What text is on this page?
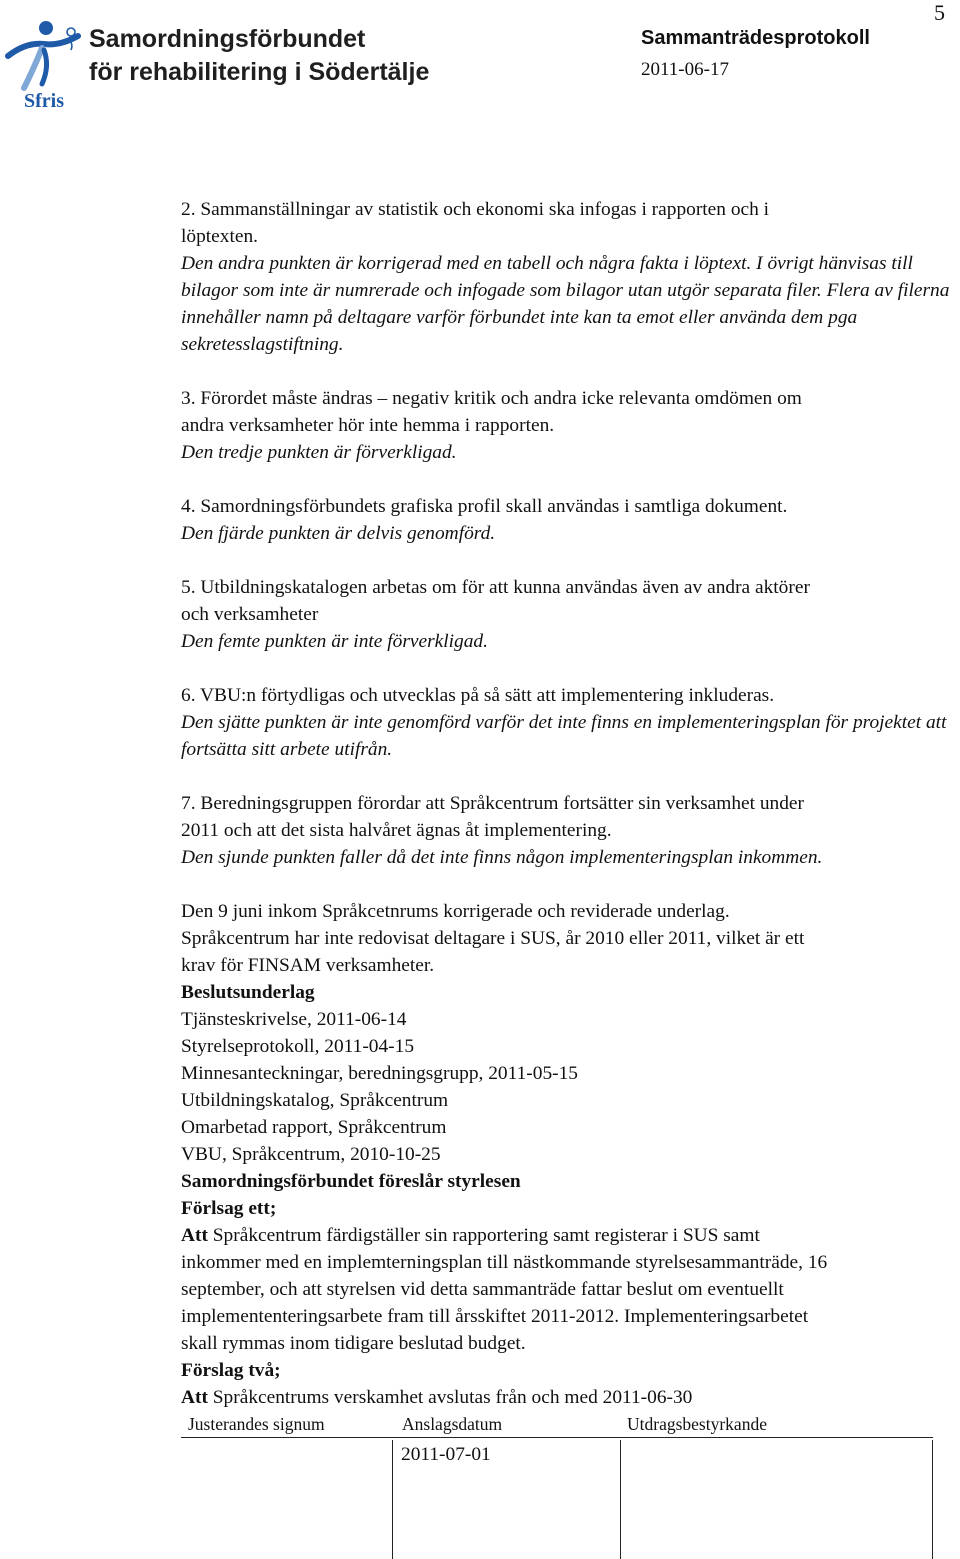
5
Sfris
Samordningsförbundet
för rehabilitering i Södertälje
Sammanträdesprotokoll
2011-06-17

2. Sammanställningar av statistik och ekonomi ska infogas i rapporten och i

löptexten.

Den andra punkten är korrigerad med en tabell och några fakta i löptext. I övrigt hänvisas till

bilagor som inte är numrerade och infogade som bilagor utan utgör separata filer. Flera av filerna

innehåller namn på deltagare varför förbundet inte kan ta emot eller använda dem pga

sekretesslagstiftning.

3. Förordet måste ändras – negativ kritik och andra icke relevanta omdömen om

andra verksamheter hör inte hemma i rapporten.

Den tredje punkten är förverkligad.

4. Samordningsförbundets grafiska profil skall användas i samtliga dokument.

Den fjärde punkten är delvis genomförd.

5. Utbildningskatalogen arbetas om för att kunna användas även av andra aktörer

och verksamheter

Den femte punkten är inte förverkligad.

6. VBU:n förtydligas och utvecklas på så sätt att implementering inkluderas.

Den sjätte punkten är inte genomförd varför det inte finns en implementeringsplan för projektet att

fortsätta sitt arbete utifrån.

7. Beredningsgruppen förordar att Språkcentrum fortsätter sin verksamhet under

2011 och att det sista halvåret ägnas åt implementering.

Den sjunde punkten faller då det inte finns någon implementeringsplan inkommen.

Den 9 juni inkom Språkcetnrums korrigerade och reviderade underlag.

Språkcentrum har inte redovisat deltagare i SUS, år 2010 eller 2011, vilket är ett

krav för FINSAM verksamheter.

Beslutsunderlag

Tjänsteskrivelse, 2011-06-14

Styrelseprotokoll, 2011-04-15

Minnesanteckningar, beredningsgrupp, 2011-05-15

Utbildningskatalog, Språkcentrum

Omarbetad rapport, Språkcentrum

VBU, Språkcentrum, 2010-10-25

Samordningsförbundet föreslår styrlesen

Förlsag ett;

Att Språkcentrum färdigställer sin rapportering samt registerar i SUS samt

inkommer med en implemterningsplan till nästkommande styrelsesammanträde, 16

september, och att styrelsen vid detta sammanträde fattar beslut om eventuellt

implemententeringsarbete fram till årsskiftet 2011-2012. Implementeringsarbetet

skall rymmas inom tidigare beslutad budget.

Förslag två;

Att Språkcentrums verskamhet avslutas från och med 2011-06-30

Justerandes signum	Anslagsdatum	Utdragsbestyrkande
2011-07-01
